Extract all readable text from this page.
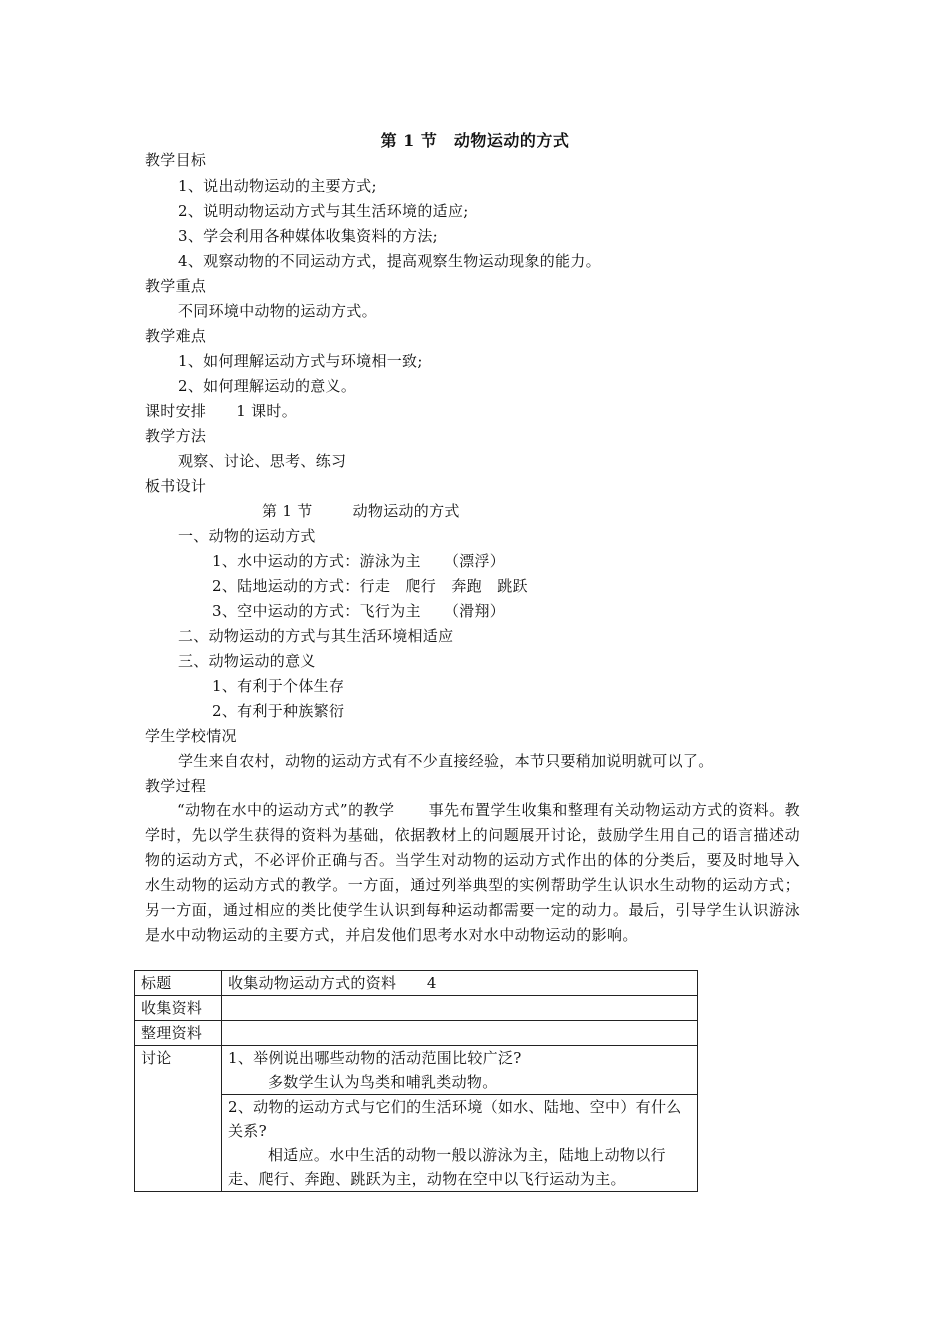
第 1 节　动物运动的方式
教学目标
1、说出动物运动的主要方式;
2、说明动物运动方式与其生活环境的适应;
3、学会利用各种媒体收集资料的方法;
4、观察动物的不同运动方式，提高观察生物运动现象的能力。
教学重点
不同环境中动物的运动方式。
教学难点
1、如何理解运动方式与环境相一致;
2、如何理解运动的意义。
课时安排 1 课时。
教学方法
观察、讨论、思考、练习
板书设计
第 1 节	动物运动的方式
一、动物的运动方式
1、水中运动的方式：游泳为主　　（漂浮）
2、陆地运动的方式：行走　爬行　奔跑　跳跃
3、空中运动的方式：飞行为主　　（滑翔）
二、动物运动的方式与其生活环境相适应
三、动物运动的意义
1、有利于个体生存
2、有利于种族繁衍
学生学校情况
学生来自农村，动物的运动方式有不少直接经验，本节只要稍加说明就可以了。
教学过程
“动物在水中的运动方式”的教学 事先布置学生收集和整理有关动物运动方式的资料。教学时，先以学生获得的资料为基础，依据教材上的问题展开讨论，鼓励学生用自己的语言描述动物的运动方式，不必评价正确与否。当学生对动物的运动方式作出的体的分类后，要及时地导入水生动物的运动方式的教学。一方面，通过列举典型的实例帮助学生认识水生动物的运动方式；另一方面，通过相应的类比使学生认识到每种运动都需要一定的动力。最后，引导学生认识游泳是水中动物运动的主要方式，并启发他们思考水对水中动物运动的影响。
标题	收集动物运动方式的资料　　4
收集资料	
整理资料	
讨论	1、举例说出哪些动物的活动范围比较广泛?
多数学生认为鸟类和哺乳类动物。

	2、动物的运动方式与它们的生活环境（如水、陆地、空中）有什么关系?
相适应。水中生活的动物一般以游泳为主，陆地上动物以行走、爬行、奔跑、跳跃为主，动物在空中以飞行运动为主。
